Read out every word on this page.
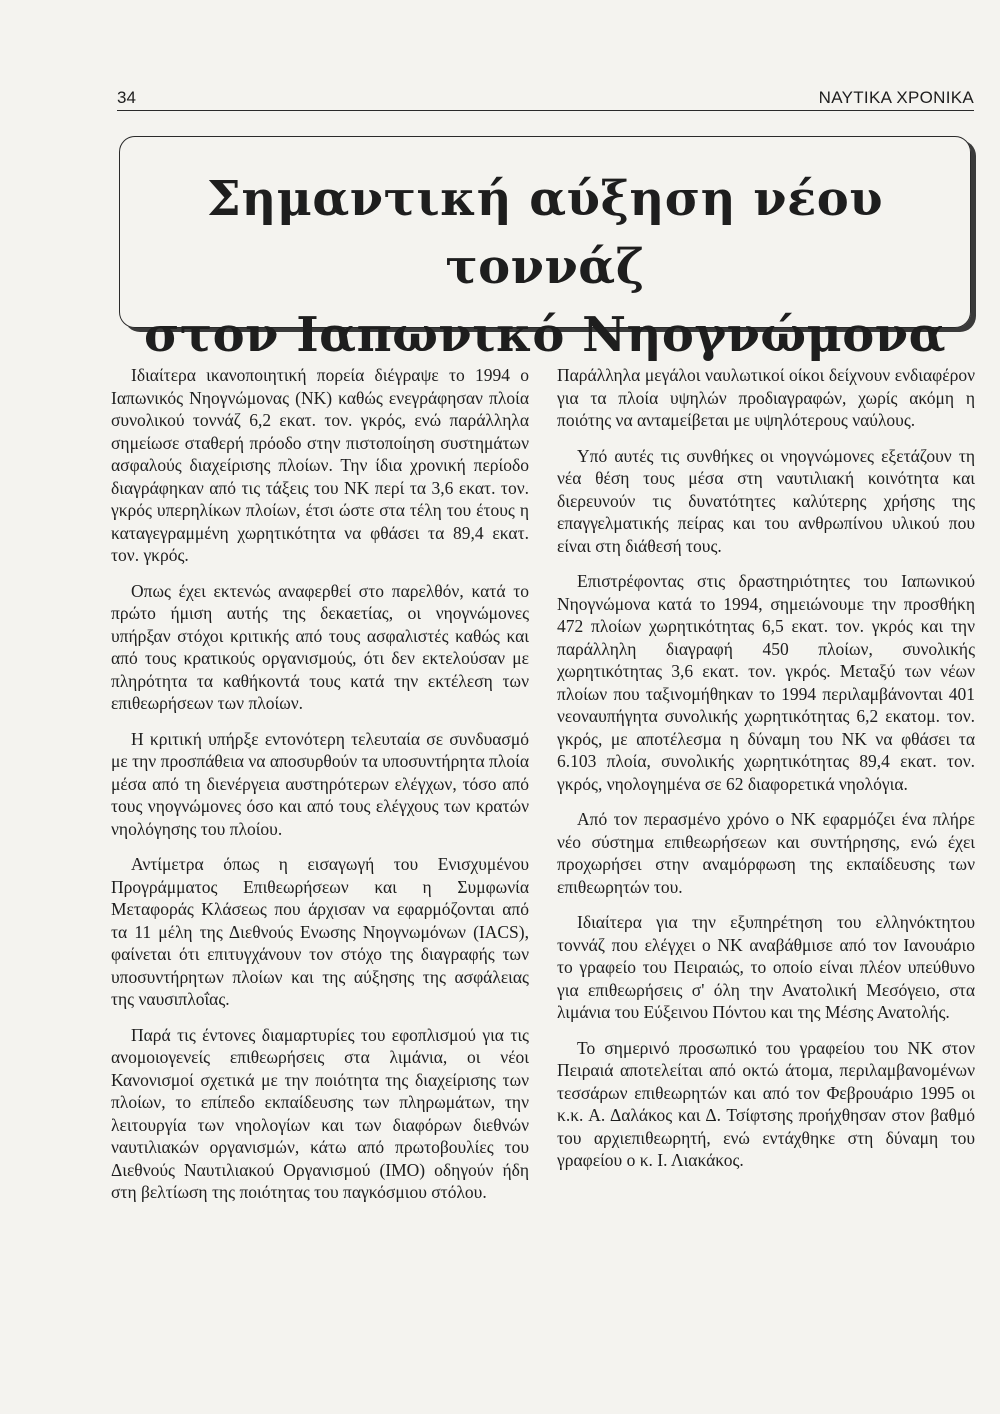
34	ΝΑΥΤΙΚΑ ΧΡΟΝΙΚΑ
Σημαντική αύξηση νέου τοννάζ
στον Ιαπωνικό Νηογνώμονα

Ιδιαίτερα ικανοποιητική πορεία διέγραψε το 1994 ο Ιαπωνικός Νηογνώμονας (ΝΚ) καθώς ενεγράφησαν πλοία συνολικού τοννάζ 6,2 εκατ. τον. γκρός, ενώ παράλληλα σημείωσε σταθερή πρόοδο στην πιστοποίηση συστημάτων ασφαλούς διαχείρισης πλοίων. Την ίδια χρονική περίοδο διαγράφηκαν από τις τάξεις του ΝΚ περί τα 3,6 εκατ. τον. γκρός υπερηλίκων πλοίων, έτσι ώστε στα τέλη του έτους η καταγεγραμμένη χωρητικότητα να φθάσει τα 89,4 εκατ. τον. γκρός.

Οπως έχει εκτενώς αναφερθεί στο παρελθόν, κατά το πρώτο ήμιση αυτής της δεκαετίας, οι νηογνώμονες υπήρξαν στόχοι κριτικής από τους ασφαλιστές καθώς και από τους κρατικούς οργανισμούς, ότι δεν εκτελούσαν με πληρότητα τα καθήκοντά τους κατά την εκτέλεση των επιθεωρήσεων των πλοίων.

Η κριτική υπήρξε εντονότερη τελευταία σε συνδυασμό με την προσπάθεια να αποσυρθούν τα υποσυντήρητα πλοία μέσα από τη διενέργεια αυστηρότερων ελέγχων, τόσο από τους νηογνώμονες όσο και από τους ελέγχους των κρατών νηολόγησης του πλοίου.

Αντίμετρα όπως η εισαγωγή του Ενισχυμένου Προγράμματος Επιθεωρήσεων και η Συμφωνία Μεταφοράς Κλάσεως που άρχισαν να εφαρμόζονται από τα 11 μέλη της Διεθνούς Ενωσης Νηογνωμόνων (IACS), φαίνεται ότι επιτυγχάνουν τον στόχο της διαγραφής των υποσυντήρητων πλοίων και της αύξησης της ασφάλειας της ναυσιπλοΐας.

Παρά τις έντονες διαμαρτυρίες του εφοπλισμού για τις ανομοιογενείς επιθεωρήσεις στα λιμάνια, οι νέοι Κανονισμοί σχετικά με την ποιότητα της διαχείρισης των πλοίων, το επίπεδο εκπαίδευσης των πληρωμάτων, την λειτουργία των νηολογίων και των διαφόρων διεθνών ναυτιλιακών οργανισμών, κάτω από πρωτοβουλίες του Διεθνούς Ναυτιλιακού Οργανισμού (ΙΜΟ) οδηγούν ήδη στη βελτίωση της ποιότητας του παγκόσμιου στόλου.

Παράλληλα μεγάλοι ναυλωτικοί οίκοι δείχνουν ενδιαφέρον για τα πλοία υψηλών προδιαγραφών, χωρίς ακόμη η ποιότης να ανταμείβεται με υψηλότερους ναύλους.

Υπό αυτές τις συνθήκες οι νηογνώμονες εξετάζουν τη νέα θέση τους μέσα στη ναυτιλιακή κοινότητα και διερευνούν τις δυνατότητες καλύτερης χρήσης της επαγγελματικής πείρας και του ανθρωπίνου υλικού που είναι στη διάθεσή τους.

Επιστρέφοντας στις δραστηριότητες του Ιαπωνικού Νηογνώμονα κατά το 1994, σημειώνουμε την προσθήκη 472 πλοίων χωρητικότητας 6,5 εκατ. τον. γκρός και την παράλληλη διαγραφή 450 πλοίων, συνολικής χωρητικότητας 3,6 εκατ. τον. γκρός. Μεταξύ των νέων πλοίων που ταξινομήθηκαν το 1994 περιλαμβάνονται 401 νεοναυπήγητα συνολικής χωρητικότητας 6,2 εκατομ. τον. γκρός, με αποτέλεσμα η δύναμη του ΝΚ να φθάσει τα 6.103 πλοία, συνολικής χωρητικότητας 89,4 εκατ. τον. γκρός, νηολογημένα σε 62 διαφορετικά νηολόγια.

Από τον περασμένο χρόνο ο ΝΚ εφαρμόζει ένα πλήρε νέο σύστημα επιθεωρήσεων και συντήρησης, ενώ έχει προχωρήσει στην αναμόρφωση της εκπαίδευσης των επιθεωρητών του.

Ιδιαίτερα για την εξυπηρέτηση του ελληνόκτητου τοννάζ που ελέγχει ο ΝΚ αναβάθμισε από τον Ιανουάριο το γραφείο του Πειραιώς, το οποίο είναι πλέον υπεύθυνο για επιθεωρήσεις σ' όλη την Ανατολική Μεσόγειο, στα λιμάνια του Εύξεινου Πόντου και της Μέσης Ανατολής.

Το σημερινό προσωπικό του γραφείου του ΝΚ στον Πειραιά αποτελείται από οκτώ άτομα, περιλαμβανομένων τεσσάρων επιθεωρητών και από τον Φεβρουάριο 1995 οι κ.κ. Α. Δαλάκος και Δ. Τσίφτσης προήχθησαν στον βαθμό του αρχιεπιθεωρητή, ενώ εντάχθηκε στη δύναμη του γραφείου ο κ. Ι. Λιακάκος.
